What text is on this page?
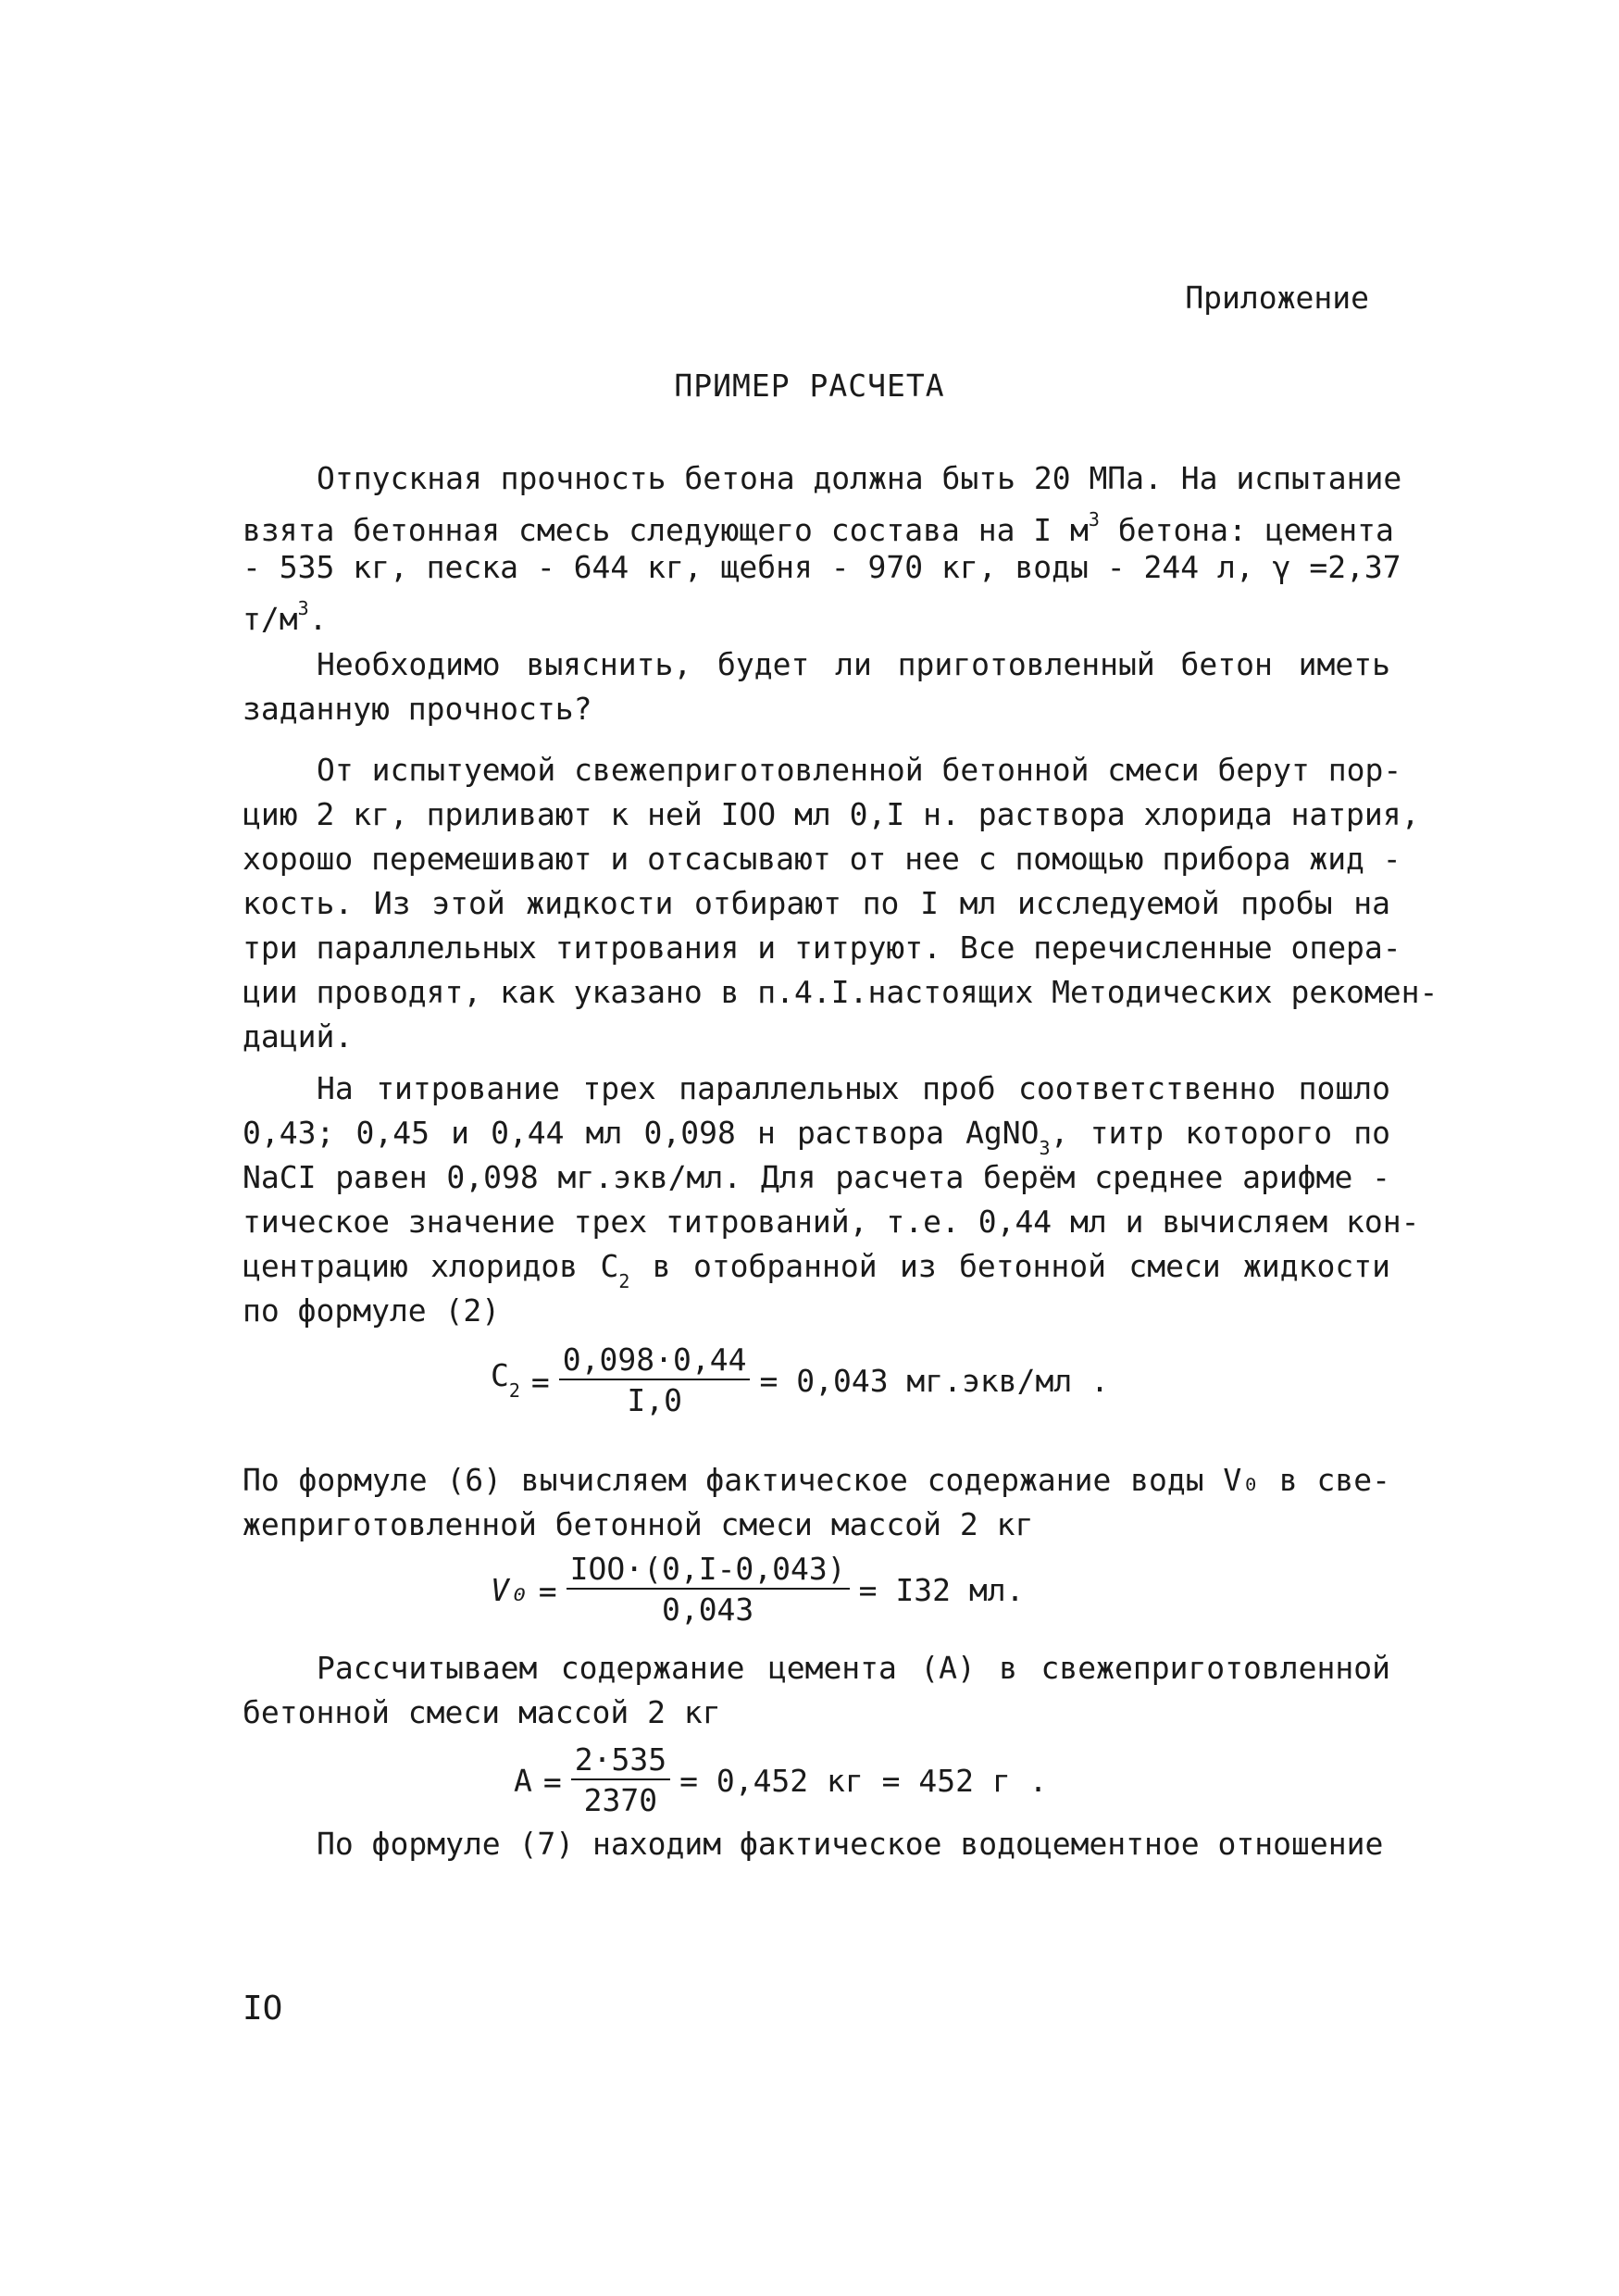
Приложение
ПРИМЕР РАСЧЕТА
Отпускная прочность бетона должна быть 20 МПа. На испытание
взята бетонная смесь следующего состава на I $м^3$ бетона: цемента
- 535 кг, песка - 644 кг, щебня - 970 кг, воды - 244 л, γ =2,37
$т/м^3$.
Необходимо выяснить, будет ли приготовленный бетон иметь
заданную прочность?
От испытуемой свежеприготовленной бетонной смеси берут пор-
цию 2 кг, приливают к ней IOO мл 0,I н. раствора хлорида натрия,
хорошо перемешивают и отсасывают от нее с помощью прибора жид -
кость. Из этой жидкости отбирают по I мл исследуемой пробы на
три параллельных титрования и титруют. Все перечисленные опера-
ции проводят, как указано в п.4.I.настоящих Методических рекомен-
даций.
На титрование трех параллельных проб соответственно пошло
0,43; 0,45 и 0,44 мл 0,098 н раствора AgNO$_3$, титр которого по
NaCI равен 0,098 мг.экв/мл. Для расчета берём среднее арифме -
тическое значение трех титрований, т.е. 0,44 мл и вычисляем кон-
центрацию хлоридов $С_2$ в отобранной из бетонной смеси жидкости
по формуле (2)
$С_2 = \frac{0,098\cdot 0,44}{I,0} = 0,043$ мг.экв/мл .
По формуле (6) вычисляем фактическое содержание воды V₀ в све-
жеприготовленной бетонной смеси массой 2 кг
$V_0 = \frac{\text{IOO·(0,I-0,043)}}{0,043} = I32$ мл.
Рассчитываем содержание цемента (А) в свежеприготовленной
бетонной смеси массой 2 кг
$А = \frac{2\cdot 535}{2370} = 0,452$ кг = 452 г .
По формуле (7) находим фактическое водоцементное отношение
IO
